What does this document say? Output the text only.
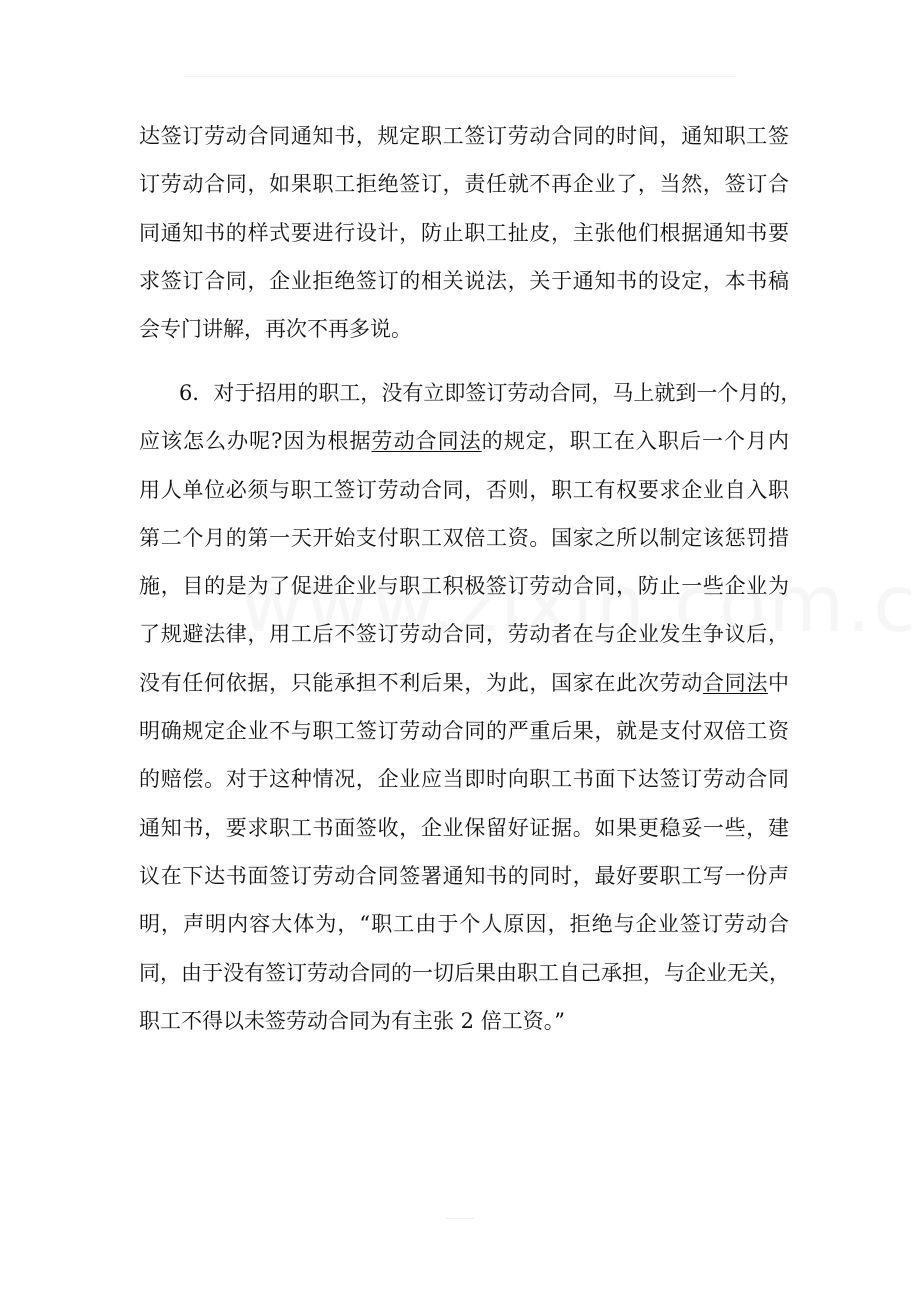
达签订劳动合同通知书，规定职工签订劳动合同的时间，通知职工签
订劳动合同，如果职工拒绝签订，责任就不再企业了，当然，签订合
同通知书的样式要进行设计，防止职工扯皮，主张他们根据通知书要
求签订合同，企业拒绝签订的相关说法，关于通知书的设定，本书稿
会专门讲解，再次不再多说。
6．对于招用的职工，没有立即签订劳动合同，马上就到一个月的，
应该怎么办呢?因为根据劳动合同法的规定，职工在入职后一个月内
用人单位必须与职工签订劳动合同，否则，职工有权要求企业自入职
第二个月的第一天开始支付职工双倍工资。国家之所以制定该惩罚措
施，目的是为了促进企业与职工积极签订劳动合同，防止一些企业为
了规避法律，用工后不签订劳动合同，劳动者在与企业发生争议后，
没有任何依据，只能承担不利后果，为此，国家在此次劳动合同法中
明确规定企业不与职工签订劳动合同的严重后果，就是支付双倍工资
的赔偿。对于这种情况，企业应当即时向职工书面下达签订劳动合同
通知书，要求职工书面签收，企业保留好证据。如果更稳妥一些，建
议在下达书面签订劳动合同签署通知书的同时，最好要职工写一份声
明，声明内容大体为，“职工由于个人原因，拒绝与企业签订劳动合
同，由于没有签订劳动合同的一切后果由职工自己承担，与企业无关，
职工不得以未签劳动合同为有主张 2 倍工资。”
